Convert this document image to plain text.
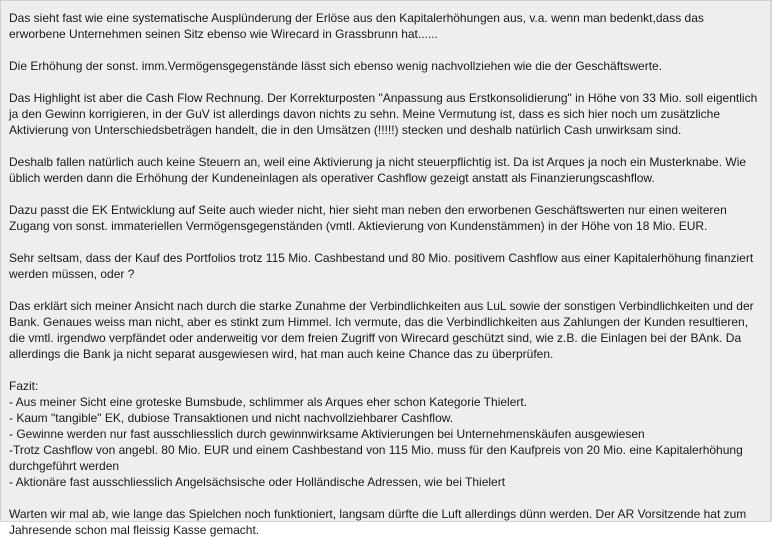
Das sieht fast wie eine systematische Ausplünderung der Erlöse aus den Kapitalerhöhungen aus, v.a. wenn man bedenkt,dass das erworbene Unternehmen seinen Sitz ebenso wie Wirecard in Grassbrunn hat......

Die Erhöhung der sonst. imm.Vermögensgegenstände lässt sich ebenso wenig nachvollziehen wie die der Geschäftswerte.

Das Highlight ist aber die Cash Flow Rechnung. Der Korrekturposten "Anpassung aus Erstkonsolidierung" in Höhe von 33 Mio. soll eigentlich ja den Gewinn korrigieren, in der GuV ist allerdings davon nichts zu sehn. Meine Vermutung ist, dass es sich hier noch um zusätzliche Aktivierung von Unterschiedsbeträgen handelt, die in den Umsätzen (!!!!!) stecken und deshalb natürlich Cash unwirksam sind.

Deshalb fallen natürlich auch keine Steuern an, weil eine Aktivierung ja nicht steuerpflichtig ist. Da ist Arques ja noch ein Musterknabe. Wie üblich werden dann die Erhöhung der Kundeneinlagen als operativer Cashflow gezeigt anstatt als Finanzierungscashflow.

Dazu passt die EK Entwicklung auf Seite auch wieder nicht, hier sieht man neben den erworbenen Geschäftswerten nur einen weiteren Zugang von sonst. immateriellen Vermögensgegenständen (vmtl. Aktievierung von Kundenstämmen) in der Höhe von 18 Mio. EUR.

Sehr seltsam, dass der Kauf des Portfolios trotz 115 Mio. Cashbestand und 80 Mio. positivem Cashflow aus einer Kapitalerhöhung finanziert werden müssen, oder ?

Das erklärt sich meiner Ansicht nach durch die starke Zunahme der Verbindlichkeiten aus LuL sowie der sonstigen Verbindlichkeiten und der Bank. Genaues weiss man nicht, aber es stinkt zum Himmel. Ich vermute, das die Verbindlichkeiten aus Zahlungen der Kunden resultieren, die vmtl. irgendwo verpfändet oder anderweitig vor dem freien Zugriff von Wirecard geschützt sind, wie z.B. die Einlagen bei der BAnk. Da allerdings die Bank ja nicht separat ausgewiesen wird, hat man auch keine Chance das zu überprüfen.

Fazit:
- Aus meiner Sicht eine groteske Bumsbude, schlimmer als Arques eher schon Kategorie Thielert.
- Kaum "tangible" EK, dubiose Transaktionen und nicht nachvollziehbarer Cashflow.
- Gewinne werden nur fast ausschliesslich durch gewinnwirksame Aktivierungen bei Unternehmenskäufen ausgewiesen
-Trotz Cashflow von angebl. 80 Mio. EUR und einem Cashbestand von 115 Mio. muss für den Kaufpreis von 20 Mio. eine Kapitalerhöhung durchgeführt werden
- Aktionäre fast ausschliesslich Angelsächsische oder Holländische Adressen, wie bei Thielert

Warten wir mal ab, wie lange das Spielchen noch funktioniert, langsam dürfte die Luft allerdings dünn werden. Der AR Vorsitzende hat zum Jahresende schon mal fleissig Kasse gemacht.
